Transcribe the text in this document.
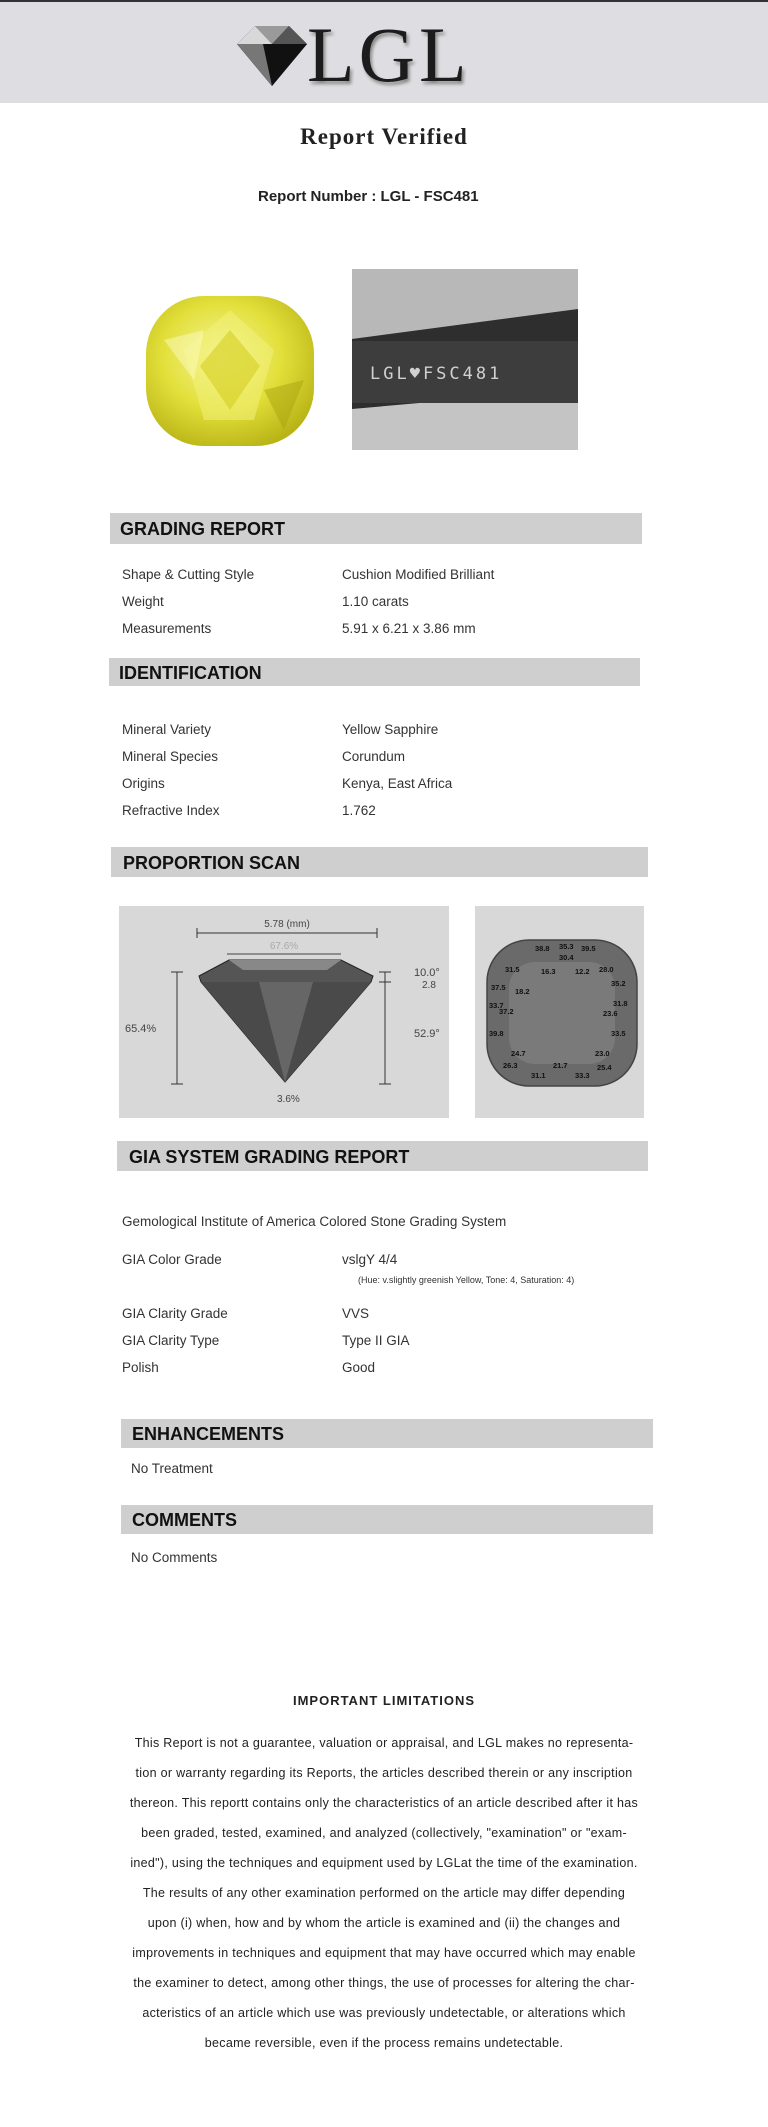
LGL
Report Verified
Report Number : LGL - FSC481
LGL♥FSC481
GRADING REPORT
Shape & Cutting Style	Cushion Modified Brilliant
Weight	1.10 carats
Measurements	5.91 x 6.21 x 3.86 mm
IDENTIFICATION
Mineral Variety	Yellow Sapphire
Mineral Species	Corundum
Origins	Kenya, East Africa
Refractive Index	1.762
PROPORTION SCAN
5.78 (mm)
67.6%
65.4%
10.0°
2.8
52.9°
3.6%
38.8 35.3 39.5
30.4
31.5	16.3	12.2 28.0
35.2
37.5 18.2
31.8
33.7
37.2	23.6
33.5
39.8
24.7	23.0
26.3	21.7	25.4
31.1	33.3
GIA SYSTEM GRADING REPORT
Gemological Institute of America Colored Stone Grading System
GIA Color Grade	vslgY 4/4
(Hue: v.slightly greenish Yellow, Tone: 4, Saturation: 4)
GIA Clarity Grade	VVS
GIA Clarity Type	Type II GIA
Polish	Good
ENHANCEMENTS
No Treatment
COMMENTS
No Comments
IMPORTANT LIMITATIONS
This Report is not a guarantee, valuation or appraisal, and LGL makes no representa-
tion or warranty regarding its Reports, the articles described therein or any inscription
thereon. This reportt contains only the characteristics of an article described after it has
been graded, tested, examined, and analyzed (collectively, "examination" or "exam-
ined"), using the techniques and equipment used by LGLat the time of the examination.
The results of any other examination performed on the article may differ depending
upon (i) when, how and by whom the article is examined and (ii) the changes and
improvements in techniques and equipment that may have occurred which may enable
the examiner to detect, among other things, the use of processes for altering the char-
acteristics of an article which use was previously undetectable, or alterations which
became reversible, even if the process remains undetectable.
